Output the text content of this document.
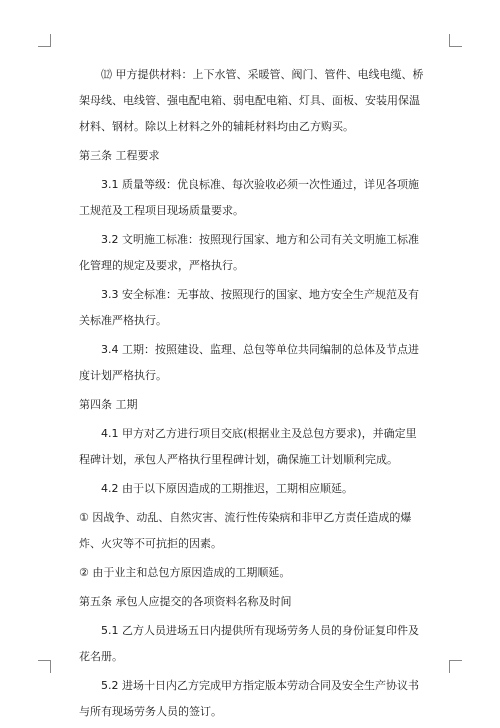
⑿ 甲方提供材料：上下水管、采暖管、阀门、管件、电线电缆、桥架母线、电线管、强电配电箱、弱电配电箱、灯具、面板、安装用保温材料、钢材。除以上材料之外的辅耗材料均由乙方购买。

第三条 工程要求

3.1 质量等级：优良标准、每次验收必须一次性通过，详见各项施工规范及工程项目现场质量要求。

3.2 文明施工标准：按照现行国家、地方和公司有关文明施工标准化管理的规定及要求，严格执行。

3.3 安全标准：无事故、按照现行的国家、地方安全生产规范及有关标准严格执行。

3.4 工期：按照建设、监理、总包等单位共同编制的总体及节点进度计划严格执行。

第四条 工期

4.1 甲方对乙方进行项目交底(根据业主及总包方要求)，并确定里程碑计划，承包人严格执行里程碑计划，确保施工计划顺利完成。

4.2 由于以下原因造成的工期推迟，工期相应顺延。

① 因战争、动乱、自然灾害、流行性传染病和非甲乙方责任造成的爆炸、火灾等不可抗拒的因素。

② 由于业主和总包方原因造成的工期顺延。

第五条 承包人应提交的各项资料名称及时间

5.1 乙方人员进场五日内提供所有现场劳务人员的身份证复印件及花名册。

5.2 进场十日内乙方完成甲方指定版本劳动合同及安全生产协议书与所有现场劳务人员的签订。
